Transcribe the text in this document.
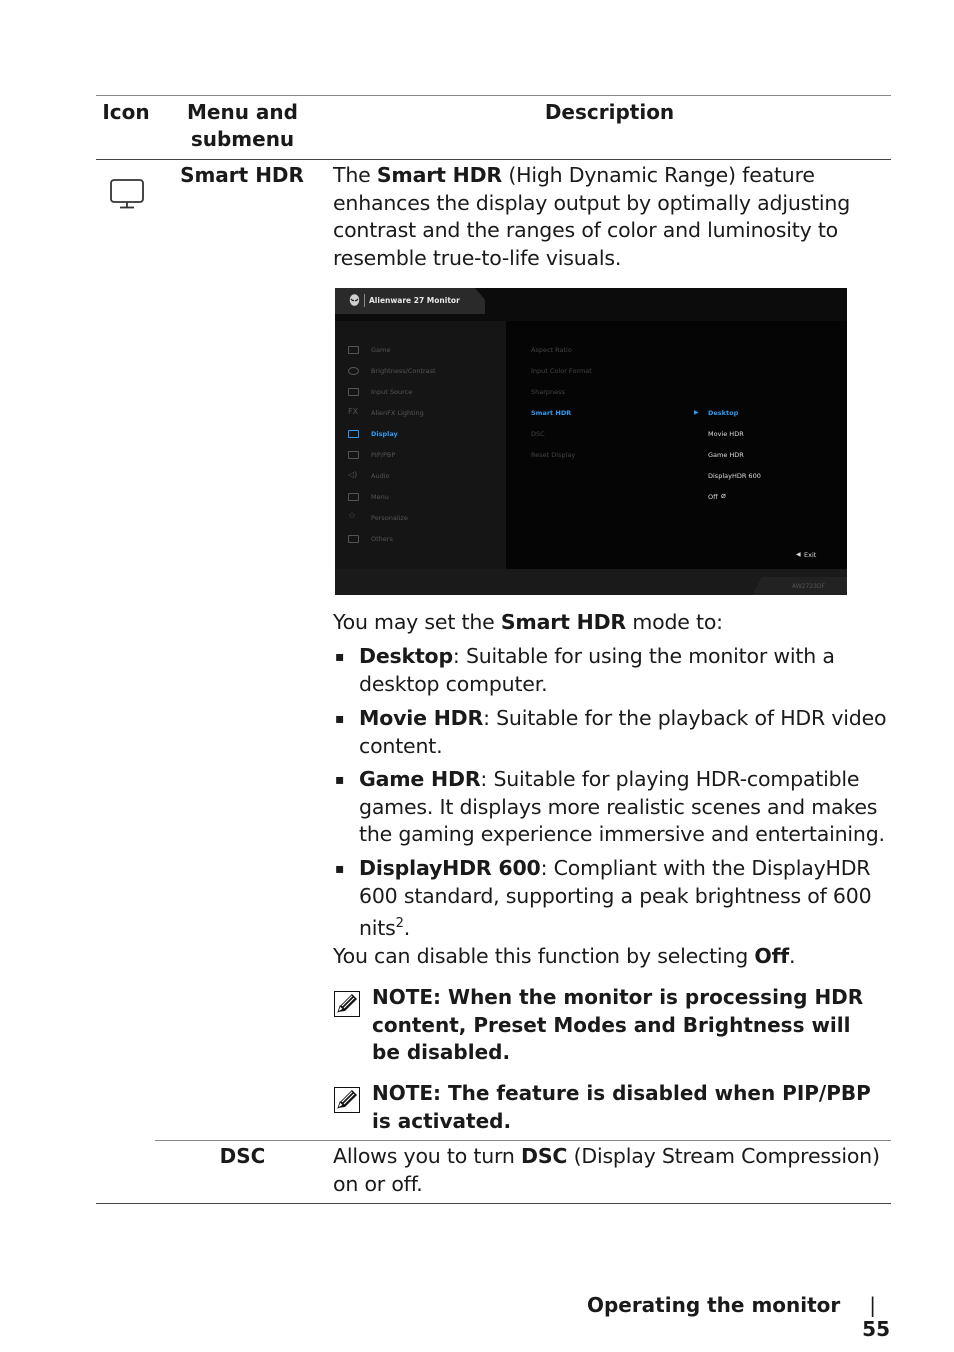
Icon	Menu and submenu
Description
Smart HDR The Smart HDR (High Dynamic Range) feature enhances the display output by optimally adjusting contrast and the ranges of color and luminosity to resemble true-to-life visuals.
Alienware 27 Monitor
Game
Brightness/Contrast
Input Source
FX AlienFX Lighting
Display
PIP/PBP
◁) Audio
Menu
☆ Personalize
Others
Aspect Ratio
Input Color Format
Sharpness
Smart HDR
DSC
Reset Display
▶ Desktop
Movie HDR
Game HDR
DisplayHDR 600
Off ⌀
◀ Exit
AW2723DF
You may set the Smart HDR mode to:
▪ Desktop: Suitable for using the monitor with a desktop computer.
▪ Movie HDR: Suitable for the playback of HDR video content.
▪ Game HDR: Suitable for playing HDR-compatible games. It displays more realistic scenes and makes the gaming experience immersive and entertaining.
▪ DisplayHDR 600: Compliant with the DisplayHDR 600 standard, supporting a peak brightness of 600 nits$^2$.
You can disable this function by selecting Off.
NOTE: When the monitor is processing HDR content, Preset Modes and Brightness will be disabled.
NOTE: The feature is disabled when PIP/PBP is activated.
DSC	Allows you to turn DSC (Display Stream Compression) on or off.
Operating the monitor | 55
